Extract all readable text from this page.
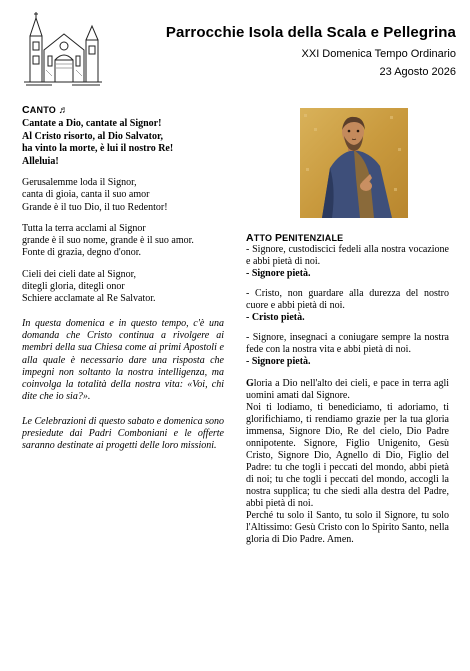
Parrocchie Isola della Scala e Pellegrina
XXI Domenica Tempo Ordinario
23 Agosto 2026
CANTO ♬
Cantate a Dio, cantate al Signor!
Al Cristo risorto, al Dio Salvator,
ha vinto la morte, è lui il nostro Re!
Alleluia!
Gerusalemme loda il Signor,
canta di gioia, canta il suo amor
Grande è il tuo Dio, il tuo Redentor!
Tutta la terra acclami al Signor
grande è il suo nome, grande è il suo amor.
Fonte di grazia, degno d'onor.
Cieli dei cieli date al Signor,
ditegli gloria, ditegli onor
Schiere acclamate al Re Salvator.
In questa domenica e in questo tempo, c'è una domanda che Cristo continua a rivolgere ai membri della sua Chiesa come ai primi Apostoli e alla quale è necessario dare una risposta che impegni non soltanto la nostra intelligenza, ma coinvolga la totalità della nostra vita: «Voi, chi dite che io sia?».
Le Celebrazioni di questo sabato e domenica sono presiedute dai Padri Comboniani e le offerte saranno destinate ai progetti delle loro missioni.
ATTO PENITENZIALE
- Signore, custodiscici fedeli alla nostra vocazione e abbi pietà di noi.
- Signore pietà.
- Cristo, non guardare alla durezza del nostro cuore e abbi pietà di noi.
- Cristo pietà.
- Signore, insegnaci a coniugare sempre la nostra fede con la nostra vita e abbi pietà di noi.
- Signore pietà.
Gloria a Dio nell'alto dei cieli, e pace in terra agli uomini amati dal Signore.
Noi ti lodiamo, ti benediciamo, ti adoriamo, ti glorifichiamo, ti rendiamo grazie per la tua gloria immensa, Signore Dio, Re del cielo, Dio Padre onnipotente. Signore, Figlio Unigenito, Gesù Cristo, Signore Dio, Agnello di Dio, Figlio del Padre: tu che togli i peccati del mondo, abbi pietà di noi; tu che togli i peccati del mondo, accogli la nostra supplica; tu che siedi alla destra del Padre, abbi pietà di noi.
Perché tu solo il Santo, tu solo il Signore, tu solo l'Altissimo: Gesù Cristo con lo Spirito Santo, nella gloria di Dio Padre. Amen.
